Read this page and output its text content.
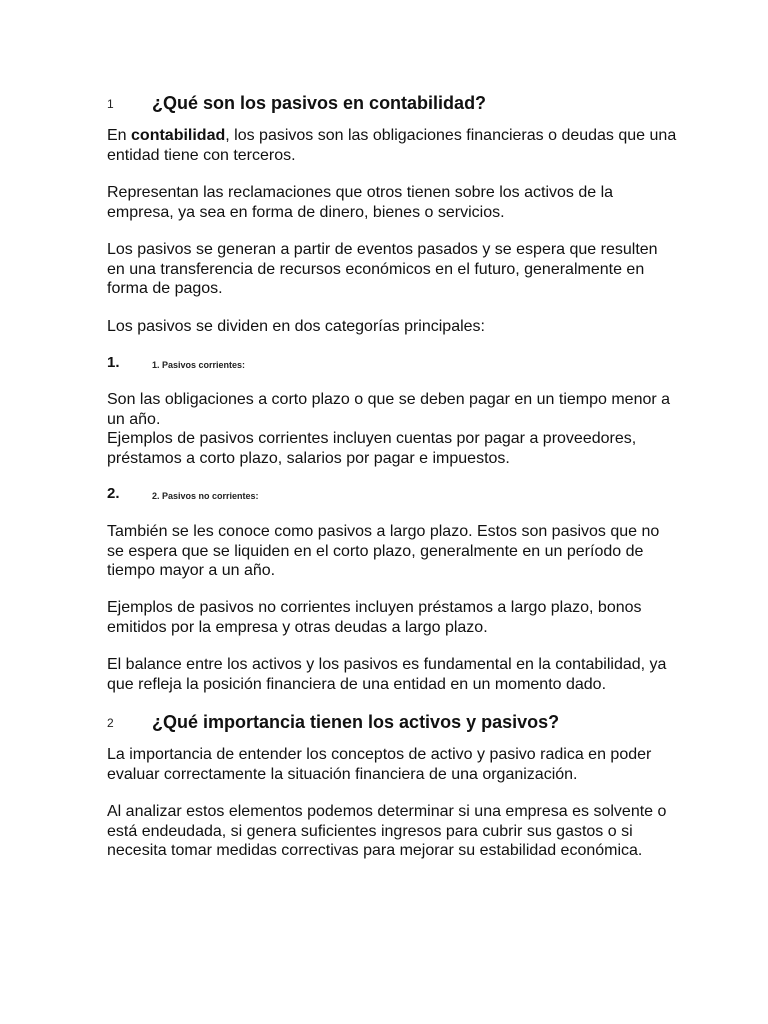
1 ¿Qué son los pasivos en contabilidad?

En contabilidad, los pasivos son las obligaciones financieras o deudas que una entidad tiene con terceros.

Representan las reclamaciones que otros tienen sobre los activos de la empresa, ya sea en forma de dinero, bienes o servicios.

Los pasivos se generan a partir de eventos pasados y se espera que resulten en una transferencia de recursos económicos en el futuro, generalmente en forma de pagos.

Los pasivos se dividen en dos categorías principales:

1.	1. Pasivos corrientes:

Son las obligaciones a corto plazo o que se deben pagar en un tiempo menor a un año.

Ejemplos de pasivos corrientes incluyen cuentas por pagar a proveedores, préstamos a corto plazo, salarios por pagar e impuestos.

2.	2. Pasivos no corrientes:

También se les conoce como pasivos a largo plazo. Estos son pasivos que no se espera que se liquiden en el corto plazo, generalmente en un período de tiempo mayor a un año.

Ejemplos de pasivos no corrientes incluyen préstamos a largo plazo, bonos emitidos por la empresa y otras deudas a largo plazo.

El balance entre los activos y los pasivos es fundamental en la contabilidad, ya que refleja la posición financiera de una entidad en un momento dado.

2 ¿Qué importancia tienen los activos y pasivos?

La importancia de entender los conceptos de activo y pasivo radica en poder evaluar correctamente la situación financiera de una organización.

Al analizar estos elementos podemos determinar si una empresa es solvente o está endeudada, si genera suficientes ingresos para cubrir sus gastos o si necesita tomar medidas correctivas para mejorar su estabilidad económica.
